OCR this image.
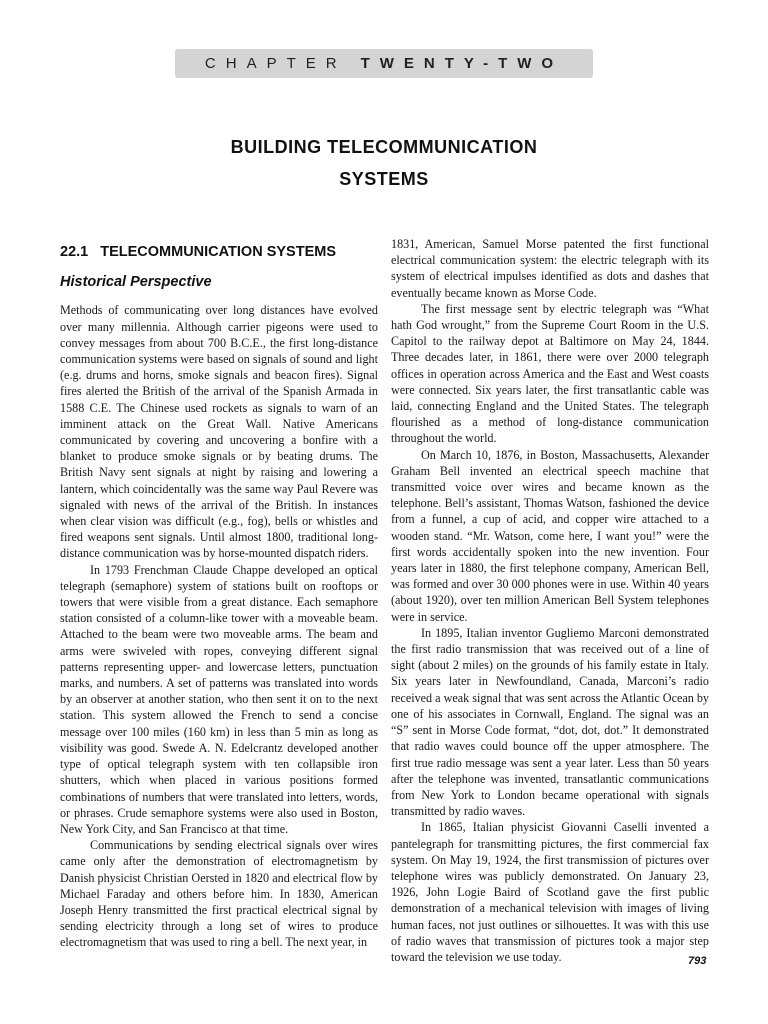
CHAPTER TWENTY-TWO
BUILDING TELECOMMUNICATION
SYSTEMS
22.1 TELECOMMUNICATION SYSTEMS
Historical Perspective

Methods of communicating over long distances have evolved over many millennia. Although carrier pigeons were used to convey messages from about 700 B.C.E., the first long-distance communication systems were based on signals of sound and light (e.g. drums and horns, smoke signals and beacon fires). Signal fires alerted the British of the arrival of the Spanish Armada in 1588 C.E. The Chinese used rockets as signals to warn of an imminent attack on the Great Wall. Native Americans communicated by covering and uncovering a bonfire with a blanket to produce smoke signals or by beating drums. The British Navy sent signals at night by raising and lowering a lantern, which coincidentally was the same way Paul Revere was signaled with news of the arrival of the British. In instances when clear vision was difficult (e.g., fog), bells or whistles and fired weapons sent signals. Until almost 1800, traditional long-distance communication was by horse-mounted dispatch riders.

In 1793 Frenchman Claude Chappe developed an optical telegraph (semaphore) system of stations built on rooftops or towers that were visible from a great distance. Each semaphore station consisted of a column-like tower with a moveable beam. Attached to the beam were two moveable arms. The beam and arms were swiveled with ropes, conveying different signal patterns representing upper- and lowercase letters, punctuation marks, and numbers. A set of patterns was translated into words by an observer at another station, who then sent it on to the next station. This system allowed the French to send a concise message over 100 miles (160 km) in less than 5 min as long as visibility was good. Swede A. N. Edelcrantz developed another type of optical telegraph system with ten collapsible iron shutters, which when placed in various positions formed combinations of numbers that were translated into letters, words, or phrases. Crude semaphore systems were also used in Boston, New York City, and San Francisco at that time.

Communications by sending electrical signals over wires came only after the demonstration of electromagnetism by Danish physicist Christian Oersted in 1820 and electrical flow by Michael Faraday and others before him. In 1830, American Joseph Henry transmitted the first practical electrical signal by sending electricity through a long set of wires to produce electromagnetism that was used to ring a bell. The next year, in

1831, American, Samuel Morse patented the first functional electrical communication system: the electric telegraph with its system of electrical impulses identified as dots and dashes that eventually became known as Morse Code.

The first message sent by electric telegraph was “What hath God wrought,” from the Supreme Court Room in the U.S. Capitol to the railway depot at Baltimore on May 24, 1844. Three decades later, in 1861, there were over 2000 telegraph offices in operation across America and the East and West coasts were connected. Six years later, the first transatlantic cable was laid, connecting England and the United States. The telegraph flourished as a method of long-distance communication throughout the world.

On March 10, 1876, in Boston, Massachusetts, Alexander Graham Bell invented an electrical speech machine that transmitted voice over wires and became known as the telephone. Bell’s assistant, Thomas Watson, fashioned the device from a funnel, a cup of acid, and copper wire attached to a wooden stand. “Mr. Watson, come here, I want you!” were the first words accidentally spoken into the new invention. Four years later in 1880, the first telephone company, American Bell, was formed and over 30 000 phones were in use. Within 40 years (about 1920), over ten million American Bell System telephones were in service.

In 1895, Italian inventor Gugliemo Marconi demonstrated the first radio transmission that was received out of a line of sight (about 2 miles) on the grounds of his family estate in Italy. Six years later in Newfoundland, Canada, Marconi’s radio received a weak signal that was sent across the Atlantic Ocean by one of his associates in Cornwall, England. The signal was an “S” sent in Morse Code format, “dot, dot, dot.” It demonstrated that radio waves could bounce off the upper atmosphere. The first true radio message was sent a year later. Less than 50 years after the telephone was invented, transatlantic communications from New York to London became operational with signals transmitted by radio waves.

In 1865, Italian physicist Giovanni Caselli invented a pantelegraph for transmitting pictures, the first commercial fax system. On May 19, 1924, the first transmission of pictures over telephone wires was publicly demonstrated. On January 23, 1926, John Logie Baird of Scotland gave the first public demonstration of a mechanical television with images of living human faces, not just outlines or silhouettes. It was with this use of radio waves that transmission of pictures took a major step toward the television we use today.	793
